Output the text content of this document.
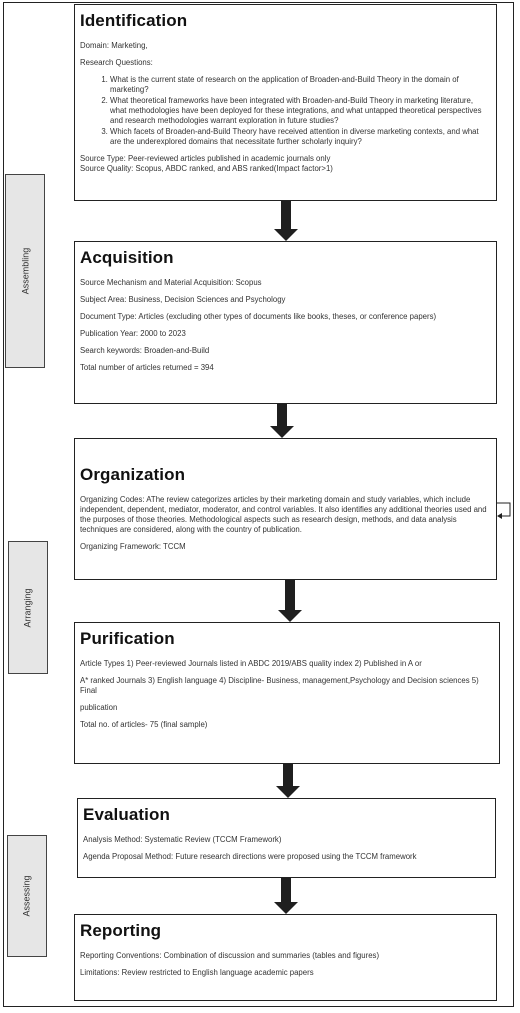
Assembling
Arranging
Assessing
Identification

Domain: Marketing,

Research Questions:

1. What is the current state of research on the application of Broaden-and-Build Theory in the domain of marketing?
2. What theoretical frameworks have been integrated with Broaden-and-Build Theory in marketing literature, what methodologies have been deployed for these integrations, and what untapped theoretical perspectives and research methodologies warrant exploration in future studies?
3. Which facets of Broaden-and-Build Theory have received attention in diverse marketing contexts, and what are the underexplored domains that necessitate further scholarly inquiry?

Source Type: Peer-reviewed articles published in academic journals only

Source Quality: Scopus, ABDC ranked, and ABS ranked(Impact factor>1)

Acquisition

Source Mechanism and Material Acquisition: Scopus

Subject Area: Business, Decision Sciences and Psychology

Document Type: Articles (excluding other types of documents like books, theses, or conference papers)

Publication Year: 2000 to 2023

Search keywords: Broaden-and-Build

Total number of articles returned = 394

Organization

Organizing Codes: AThe review categorizes articles by their marketing domain and study variables, which include independent, dependent, mediator, moderator, and control variables. It also identifies any additional theories used and the purposes of those theories. Methodological aspects such as research design, methods, and data analysis techniques are considered, along with the country of publication.

Organizing Framework: TCCM

Purification

Article Types 1) Peer-reviewed Journals listed in ABDC 2019/ABS quality index 2) Published in A or

A* ranked Journals 3) English language 4) Discipline- Business, management,Psychology and Decision sciences 5) Final

publication

Total no. of articles- 75 (final sample)

Evaluation

Analysis Method: Systematic Review (TCCM Framework)

Agenda Proposal Method: Future research directions were proposed using the TCCM framework

Reporting

Reporting Conventions: Combination of discussion and summaries (tables and figures)

Limitations: Review restricted to English language academic papers
